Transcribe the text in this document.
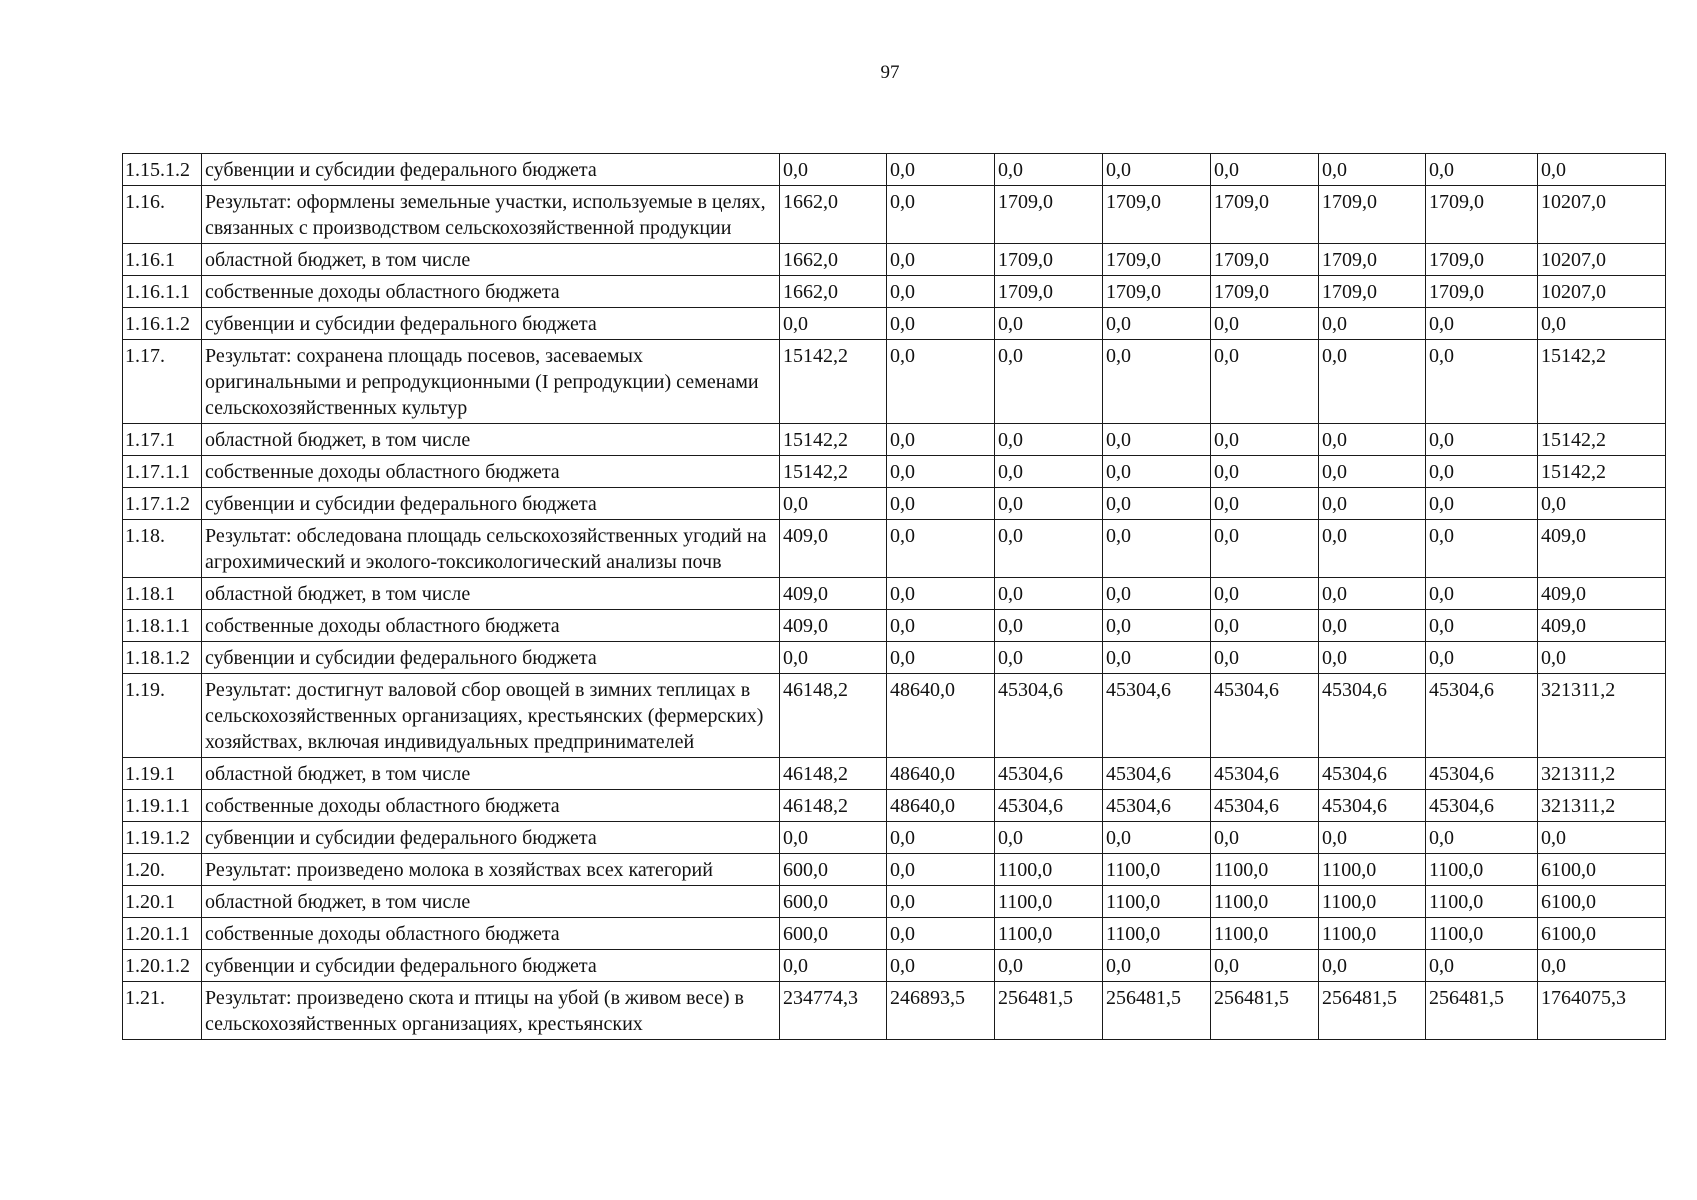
97
1.15.1.2	субвенции и субсидии федерального бюджета	0,0	0,0	0,0	0,0	0,0	0,0	0,0	0,0
1.16.	Результат: оформлены земельные участки, используемые в целях, связанных с производством сельскохозяйственной продукции	1662,0	0,0	1709,0	1709,0	1709,0	1709,0	1709,0	10207,0
1.16.1	областной бюджет, в том числе	1662,0	0,0	1709,0	1709,0	1709,0	1709,0	1709,0	10207,0
1.16.1.1	собственные доходы областного бюджета	1662,0	0,0	1709,0	1709,0	1709,0	1709,0	1709,0	10207,0
1.16.1.2	субвенции и субсидии федерального бюджета	0,0	0,0	0,0	0,0	0,0	0,0	0,0	0,0
1.17.	Результат: сохранена площадь посевов, засеваемых оригинальными и репродукционными (I репродукции) семенами сельскохозяйственных культур	15142,2	0,0	0,0	0,0	0,0	0,0	0,0	15142,2
1.17.1	областной бюджет, в том числе	15142,2	0,0	0,0	0,0	0,0	0,0	0,0	15142,2
1.17.1.1	собственные доходы областного бюджета	15142,2	0,0	0,0	0,0	0,0	0,0	0,0	15142,2
1.17.1.2	субвенции и субсидии федерального бюджета	0,0	0,0	0,0	0,0	0,0	0,0	0,0	0,0
1.18.	Результат: обследована площадь сельскохозяйственных угодий на агрохимический и эколого-токсикологический анализы почв	409,0	0,0	0,0	0,0	0,0	0,0	0,0	409,0
1.18.1	областной бюджет, в том числе	409,0	0,0	0,0	0,0	0,0	0,0	0,0	409,0
1.18.1.1	собственные доходы областного бюджета	409,0	0,0	0,0	0,0	0,0	0,0	0,0	409,0
1.18.1.2	субвенции и субсидии федерального бюджета	0,0	0,0	0,0	0,0	0,0	0,0	0,0	0,0
1.19.	Результат: достигнут валовой сбор овощей в зимних теплицах в сельскохозяйственных организациях, крестьянских (фермерских) хозяйствах, включая индивидуальных предпринимателей	46148,2	48640,0	45304,6	45304,6	45304,6	45304,6	45304,6	321311,2
1.19.1	областной бюджет, в том числе	46148,2	48640,0	45304,6	45304,6	45304,6	45304,6	45304,6	321311,2
1.19.1.1	собственные доходы областного бюджета	46148,2	48640,0	45304,6	45304,6	45304,6	45304,6	45304,6	321311,2
1.19.1.2	субвенции и субсидии федерального бюджета	0,0	0,0	0,0	0,0	0,0	0,0	0,0	0,0
1.20.	Результат: произведено молока в хозяйствах всех категорий	600,0	0,0	1100,0	1100,0	1100,0	1100,0	1100,0	6100,0
1.20.1	областной бюджет, в том числе	600,0	0,0	1100,0	1100,0	1100,0	1100,0	1100,0	6100,0
1.20.1.1	собственные доходы областного бюджета	600,0	0,0	1100,0	1100,0	1100,0	1100,0	1100,0	6100,0
1.20.1.2	субвенции и субсидии федерального бюджета	0,0	0,0	0,0	0,0	0,0	0,0	0,0	0,0
1.21.	Результат: произведено скота и птицы на убой (в живом весе) в сельскохозяйственных организациях, крестьянских	234774,3	246893,5	256481,5	256481,5	256481,5	256481,5	256481,5	1764075,3
